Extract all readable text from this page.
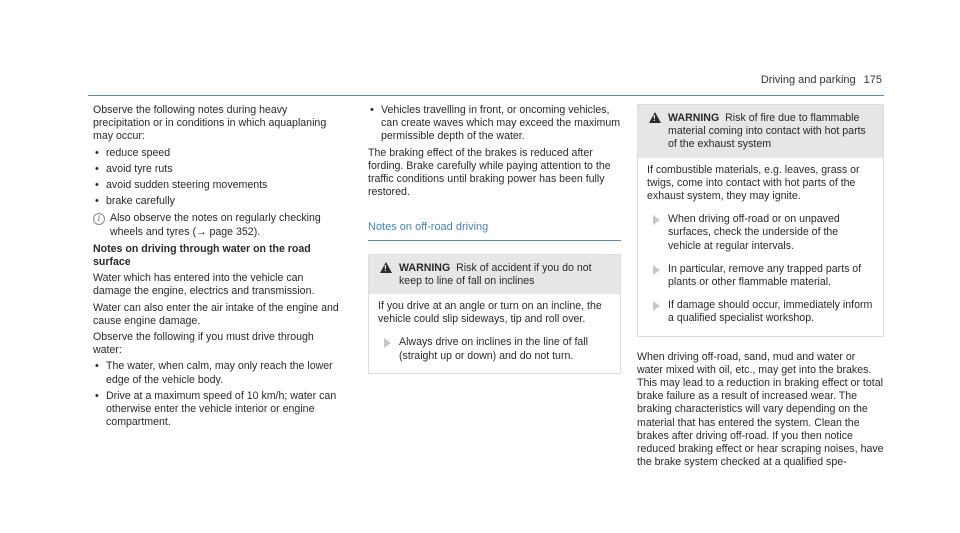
Driving and parking 175

Observe the following notes during heavy precipitation or in conditions in which aquaplaning may occur:

• reduce speed
• avoid tyre ruts
• avoid sudden steering movements
• brake carefully
i Also observe the notes on regularly checking wheels and tyres (→ page 352).
Notes on driving through water on the road surface

Water which has entered into the vehicle can damage the engine, electrics and transmission.

Water can also enter the air intake of the engine and cause engine damage.

Observe the following if you must drive through water:

• The water, when calm, may only reach the lower edge of the vehicle body.
• Drive at a maximum speed of 10 km/h; water can otherwise enter the vehicle interior or engine compartment.
• Vehicles travelling in front, or oncoming vehicles, can create waves which may exceed the maximum permissible depth of the water.

The braking effect of the brakes is reduced after fording. Brake carefully while paying attention to the traffic conditions until braking power has been fully restored.

Notes on off-road driving
! WARNING Risk of accident if you do not keep to line of fall on inclines

If you drive at an angle or turn on an incline, the vehicle could slip sideways, tip and roll over.

Always drive on inclines in the line of fall (straight up or down) and do not turn.
! WARNING Risk of fire due to flammable material coming into contact with hot parts of the exhaust system

If combustible materials, e.g. leaves, grass or twigs, come into contact with hot parts of the exhaust system, they may ignite.

When driving off-road or on unpaved surfaces, check the underside of the vehicle at regular intervals.
In particular, remove any trapped parts of plants or other flammable material.
If damage should occur, immediately inform a qualified specialist workshop.

When driving off-road, sand, mud and water or water mixed with oil, etc., may get into the brakes. This may lead to a reduction in braking effect or total brake failure as a result of increased wear. The braking characteristics will vary depending on the material that has entered the system. Clean the brakes after driving off-road. If you then notice reduced braking effect or hear scraping noises, have the brake system checked at a qualified spe-
